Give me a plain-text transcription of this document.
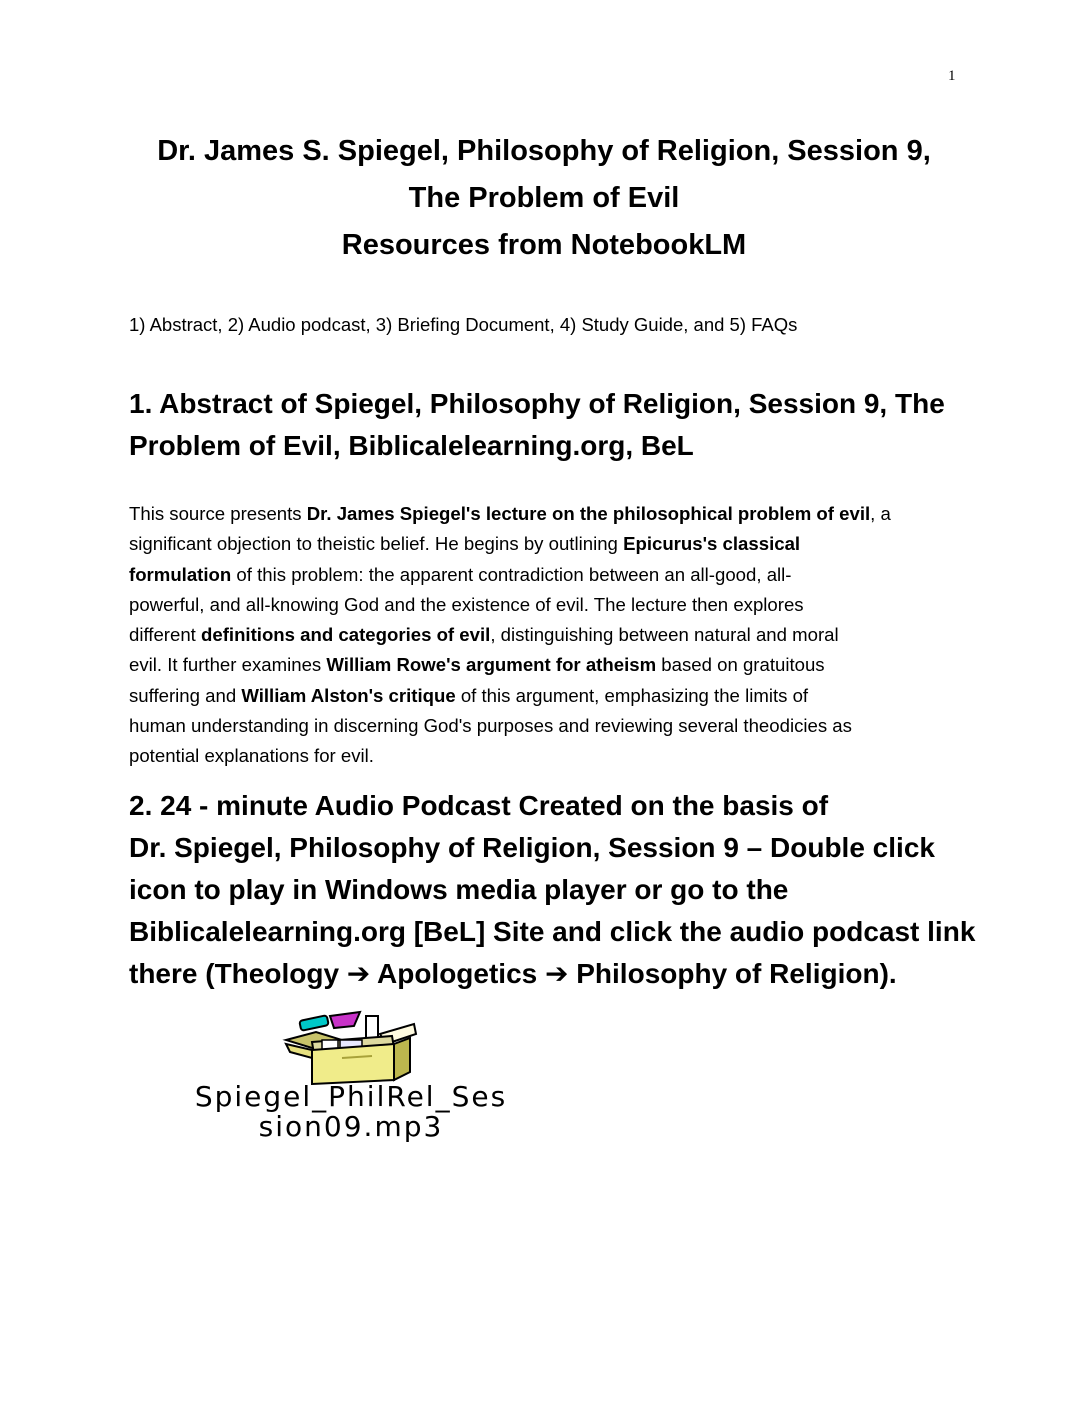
1
Dr. James S. Spiegel, Philosophy of Religion, Session 9,
The Problem of Evil
Resources from NotebookLM
1) Abstract, 2) Audio podcast, 3) Briefing Document, 4) Study Guide, and 5) FAQs
1. Abstract of Spiegel, Philosophy of Religion, Session 9, The
Problem of Evil, Biblicalelearning.org, BeL
This source presents Dr. James Spiegel's lecture on the philosophical problem of evil, a
significant objection to theistic belief. He begins by outlining Epicurus's classical
formulation of this problem: the apparent contradiction between an all-good, all-
powerful, and all-knowing God and the existence of evil. The lecture then explores
different definitions and categories of evil, distinguishing between natural and moral
evil. It further examines William Rowe's argument for atheism based on gratuitous
suffering and William Alston's critique of this argument, emphasizing the limits of
human understanding in discerning God's purposes and reviewing several theodicies as
potential explanations for evil.
2. 24 - minute Audio Podcast Created on the basis of
Dr. Spiegel, Philosophy of Religion, Session 9 – Double click
icon to play in Windows media player or go to the
Biblicalelearning.org [BeL] Site and click the audio podcast link
there (Theology ➔ Apologetics ➔ Philosophy of Religion).
Spiegel_PhilRel_Ses
sion09.mp3
